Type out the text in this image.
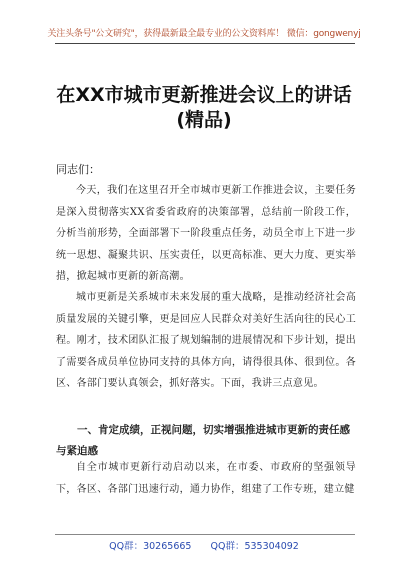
关注头条号"公文研究"，获得最新最全最专业的公文资料库！ 微信：gongwenyj
在XX市城市更新推进会议上的讲话
(精品)
同志们：
今天，我们在这里召开全市城市更新工作推进会议，主要任务是深入贯彻落实XX省委省政府的决策部署，总结前一阶段工作，分析当前形势，全面部署下一阶段重点任务，动员全市上下进一步统一思想、凝聚共识、压实责任，以更高标准、更大力度、更实举措，掀起城市更新的新高潮。
城市更新是关系城市未来发展的重大战略，是推动经济社会高质量发展的关键引擎，更是回应人民群众对美好生活向往的民心工程。刚才，技术团队汇报了规划编制的进展情况和下步计划，提出了需要各成员单位协同支持的具体方向，请得很具体、很到位。各区、各部门要认真领会，抓好落实。下面，我讲三点意见。
一、肯定成绩，正视问题，切实增强推进城市更新的责任感与紧迫感
自全市城市更新行动启动以来，在市委、市政府的坚强领导下，各区、各部门迅速行动，通力协作，组建了工作专班，建立健
QQ群：30265665 QQ群：535304092
